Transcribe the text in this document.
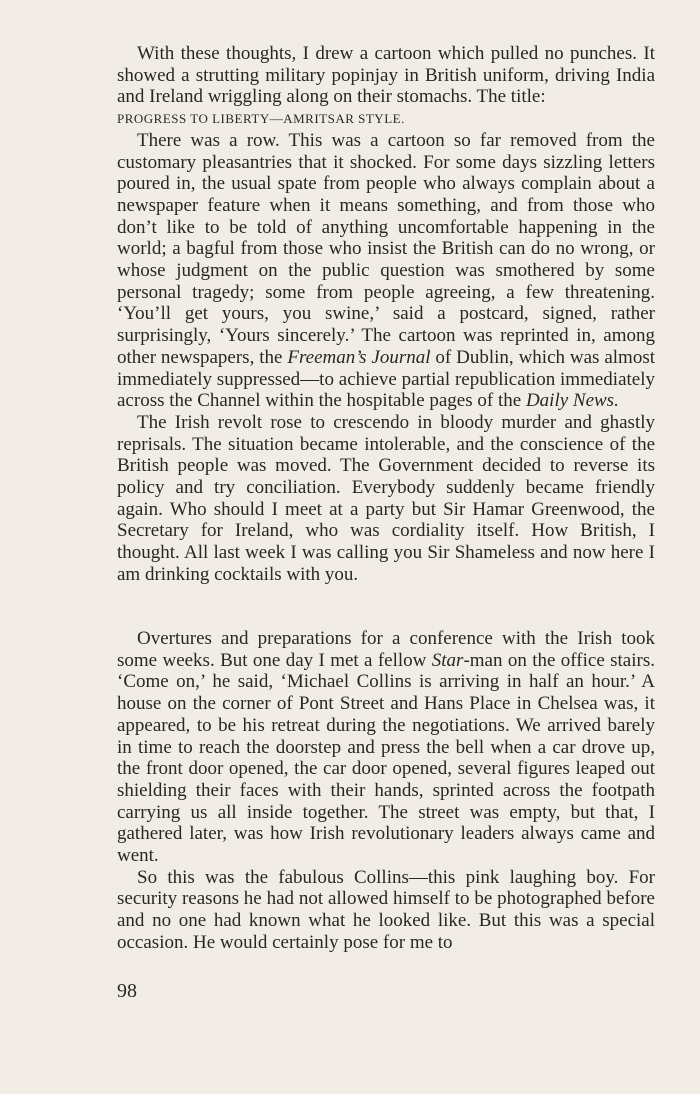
With these thoughts, I drew a cartoon which pulled no punches. It showed a strutting military popinjay in British uniform, driving India and Ireland wriggling along on their stomachs. The title:
PROGRESS TO LIBERTY—AMRITSAR STYLE.

There was a row. This was a cartoon so far removed from the customary pleasantries that it shocked. For some days sizzling letters poured in, the usual spate from people who always complain about a newspaper feature when it means something, and from those who don’t like to be told of anything uncomfortable happening in the world; a bagful from those who insist the British can do no wrong, or whose judgment on the public question was smothered by some personal tragedy; some from people agreeing, a few threatening. ‘You’ll get yours, you swine,’ said a postcard, signed, rather surprisingly, ‘Yours sincerely.’ The cartoon was reprinted in, among other newspapers, the Freeman’s Journal of Dublin, which was almost immediately suppressed—to achieve partial republication immediately across the Channel within the hospitable pages of the Daily News.

The Irish revolt rose to crescendo in bloody murder and ghastly reprisals. The situation became intolerable, and the conscience of the British people was moved. The Government decided to reverse its policy and try conciliation. Everybody suddenly became friendly again. Who should I meet at a party but Sir Hamar Greenwood, the Secretary for Ireland, who was cordiality itself. How British, I thought. All last week I was calling you Sir Shameless and now here I am drinking cocktails with you.

Overtures and preparations for a conference with the Irish took some weeks. But one day I met a fellow Star-man on the office stairs. ‘Come on,’ he said, ‘Michael Collins is arriving in half an hour.’ A house on the corner of Pont Street and Hans Place in Chelsea was, it appeared, to be his retreat during the negotiations. We arrived barely in time to reach the doorstep and press the bell when a car drove up, the front door opened, the car door opened, several figures leaped out shielding their faces with their hands, sprinted across the footpath carrying us all inside together. The street was empty, but that, I gathered later, was how Irish revolutionary leaders always came and went.

So this was the fabulous Collins—this pink laughing boy. For security reasons he had not allowed himself to be photographed before and no one had known what he looked like. But this was a special occasion. He would certainly pose for me to

98
